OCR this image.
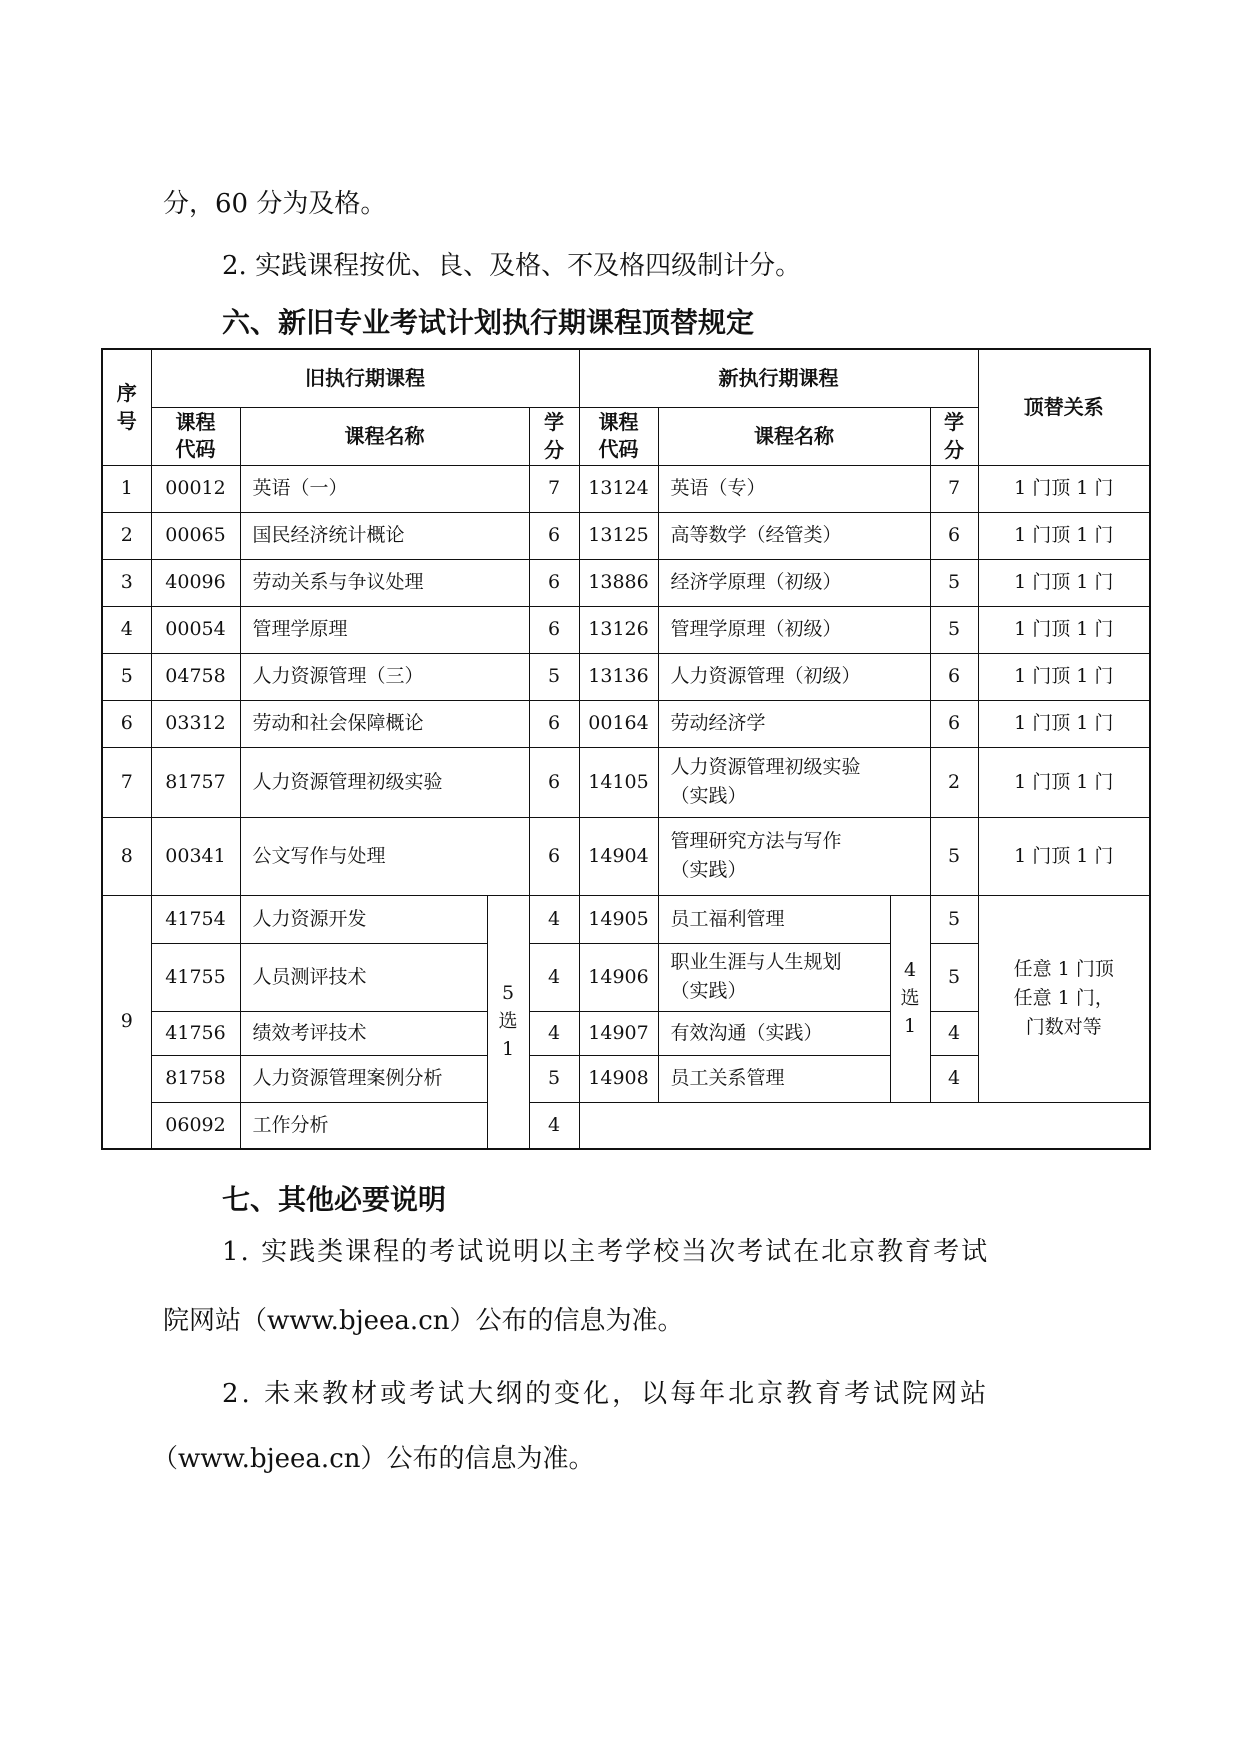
分，60 分为及格。
2. 实践课程按优、良、及格、不及格四级制计分。
六、新旧专业考试计划执行期课程顶替规定
序号	旧执行期课程				新执行期课程				顶替关系
	课程代码	课程名称		学分	课程代码	课程名称		学分	
1	00012	英语（一）		7	13124	英语（专）		7	1 门顶 1 门
2	00065	国民经济统计概论		6	13125	高等数学（经管类）		6	1 门顶 1 门
3	40096	劳动关系与争议处理		6	13886	经济学原理（初级）		5	1 门顶 1 门
4	00054	管理学原理		6	13126	管理学原理（初级）		5	1 门顶 1 门
5	04758	人力资源管理（三）		5	13136	人力资源管理（初级）		6	1 门顶 1 门
6	03312	劳动和社会保障概论		6	00164	劳动经济学		6	1 门顶 1 门
7	81757	人力资源管理初级实验		6	14105	人力资源管理初级实验
（实践）		2	1 门顶 1 门
8	00341	公文写作与处理		6	14904	管理研究方法与写作
（实践）		5	1 门顶 1 门
9	41754	人力资源开发	5选1	4	14905	员工福利管理	4选1	5	任意 1 门顶
任意 1 门，
门数对等

	41755	人员测评技术		4	14906	职业生涯与人生规划
（实践）		5	
	41756	绩效考评技术		4	14907	有效沟通（实践）		4	
	81758	人力资源管理案例分析		5	14908	员工关系管理		4	
	06092	工作分析		4					
七、其他必要说明
1. 实践类课程的考试说明以主考学校当次考试在北京教育考试
院网站（www.bjeea.cn）公布的信息为准。
2. 未来教材或考试大纲的变化，以每年北京教育考试院网站
（www.bjeea.cn）公布的信息为准。
